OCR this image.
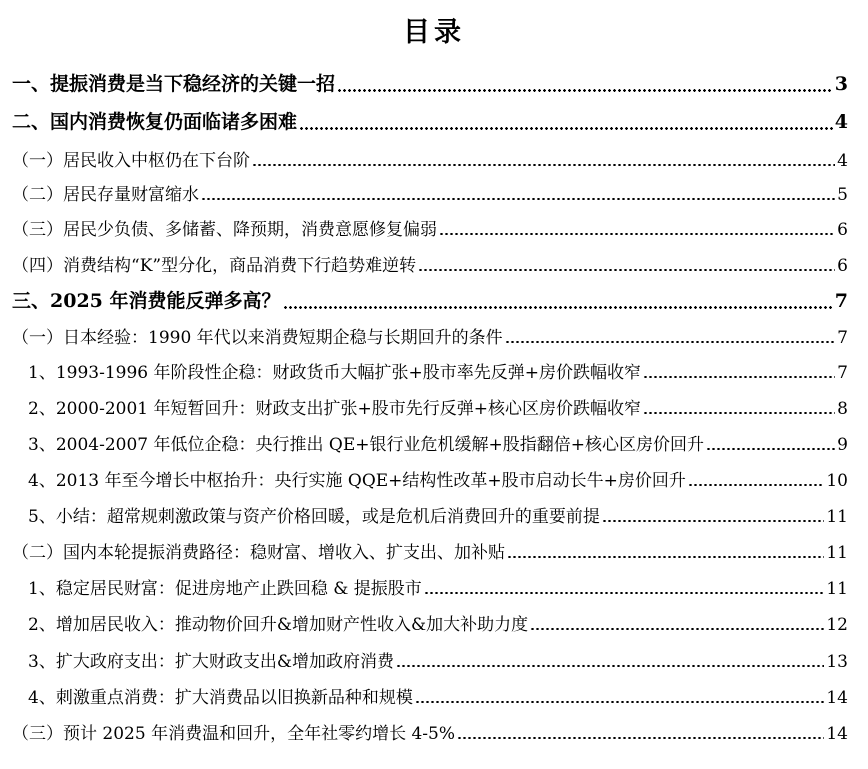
目录
一、提振消费是当下稳经济的关键一招	3
二、国内消费恢复仍面临诸多困难	4
（一）居民收入中枢仍在下台阶	4
（二）居民存量财富缩水	5
（三）居民少负债、多储蓄、降预期，消费意愿修复偏弱	6
（四）消费结构“K”型分化，商品消费下行趋势难逆转	6
三、2025 年消费能反弹多高？	7
（一）日本经验：1990 年代以来消费短期企稳与长期回升的条件	7
1、1993-1996 年阶段性企稳：财政货币大幅扩张+股市率先反弹+房价跌幅收窄	7
2、2000-2001 年短暂回升：财政支出扩张+股市先行反弹+核心区房价跌幅收窄	8
3、2004-2007 年低位企稳：央行推出 QE+银行业危机缓解+股指翻倍+核心区房价回升	9
4、2013 年至今增长中枢抬升：央行实施 QQE+结构性改革+股市启动长牛+房价回升	10
5、小结：超常规刺激政策与资产价格回暖，或是危机后消费回升的重要前提	11
（二）国内本轮提振消费路径：稳财富、增收入、扩支出、加补贴	11
1、稳定居民财富：促进房地产止跌回稳 & 提振股市	11
2、增加居民收入：推动物价回升&增加财产性收入&加大补助力度	12
3、扩大政府支出：扩大财政支出&增加政府消费	13
4、刺激重点消费：扩大消费品以旧换新品种和规模	14
（三）预计 2025 年消费温和回升，全年社零约增长 4-5%	14
